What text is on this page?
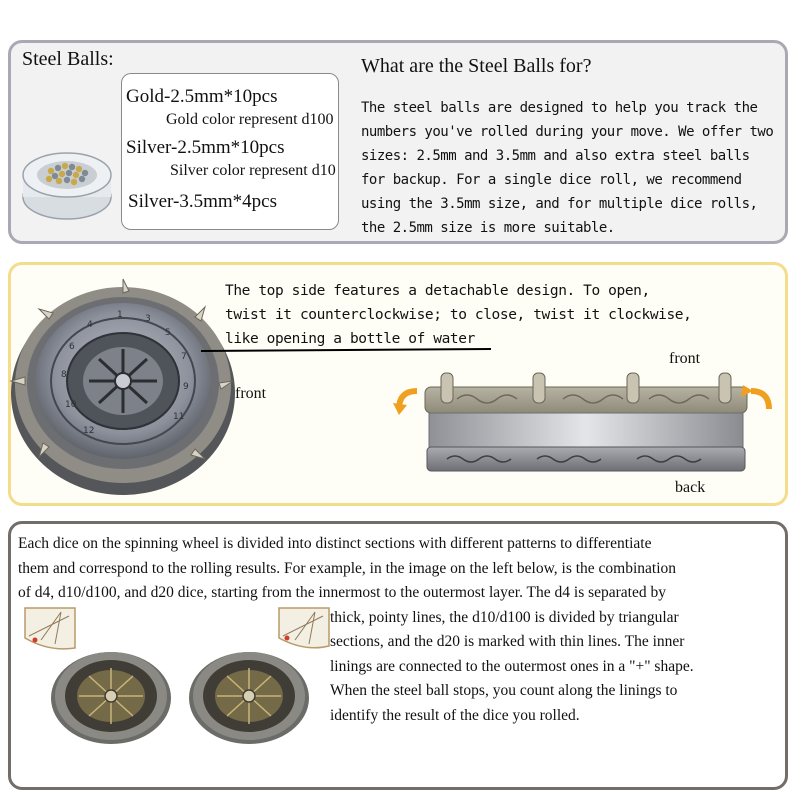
Steel Balls:
Gold-2.5mm*10pcs
Gold color represent d100
Silver-2.5mm*10pcs
Silver color represent d10
Silver-3.5mm*4pcs
What are the Steel Balls for?
The steel balls are designed to help you track the numbers you've rolled during your move. We offer two sizes: 2.5mm and 3.5mm and also extra steel balls for backup. For a single dice roll, we recommend using the 3.5mm size, and for multiple dice rolls, the 2.5mm size is more suitable.
1 3
5
7
9
11
12
10
8
6
4
The top side features a detachable design. To open, twist it counterclockwise; to close, twist it clockwise, like opening a bottle of water
front
front
back
Each dice on the spinning wheel is divided into distinct sections with different patterns to differentiate
them and correspond to the rolling results. For example, in the image on the left below, is the combination
of d4, d10/d100, and d20 dice, starting from the innermost to the outermost layer. The d4 is separated by
thick, pointy lines, the d10/d100 is divided by triangular
sections, and the d20 is marked with thin lines. The inner
linings are connected to the outermost ones in a "+" shape.
When the steel ball stops, you count along the linings to
identify the result of the dice you rolled.
